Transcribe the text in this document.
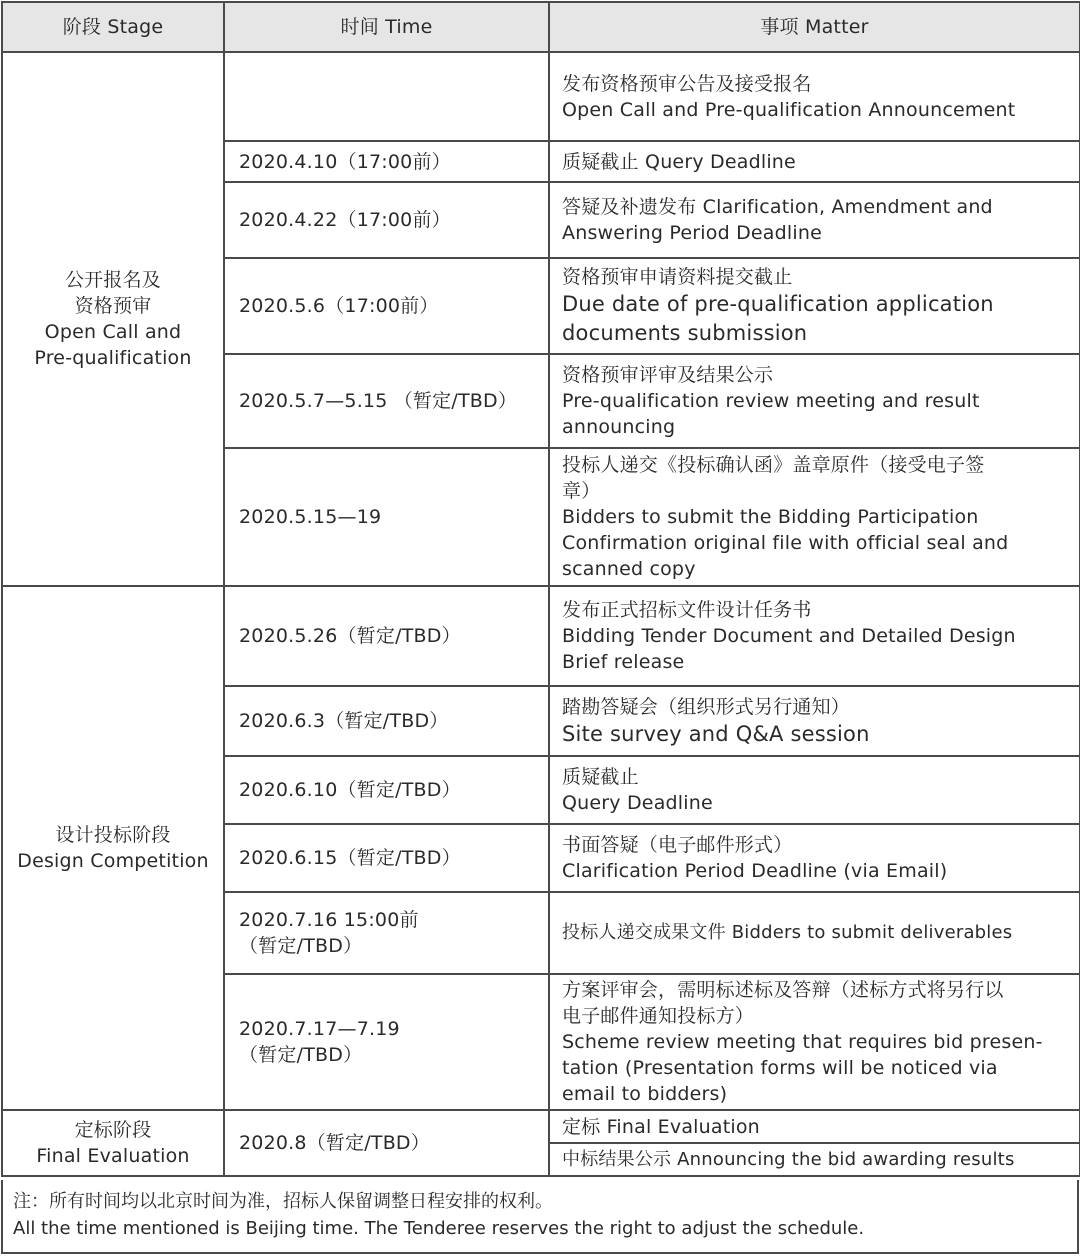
阶段 Stage	时间 Time	事项 Matter

公开报名及
资格预审
Open Call and
Pre-qualification		发布资格预审公告及接受报名
Open Call and Pre-qualification Announcement

	2020.4.10（17:00前）	质疑截止 Query Deadline
	2020.4.22（17:00前）	答疑及补遗发布 Clarification, Amendment and
Answering Period Deadline

	2020.5.6（17:00前）	资格预审申请资料提交截止
Due date of pre-qualification application
documents submission

	2020.5.7—5.15 （暂定/TBD）	资格预审评审及结果公示
Pre-qualification review meeting and result
announcing

	2020.5.15—19	投标人递交《投标确认函》盖章原件（接受电子签
章）
Bidders to submit the Bidding Participation
Confirmation original file with official seal and
scanned copy

设计投标阶段
Design Competition	2020.5.26（暂定/TBD）	发布正式招标文件设计任务书
Bidding Tender Document and Detailed Design
Brief release

	2020.6.3（暂定/TBD）	踏勘答疑会（组织形式另行通知）
Site survey and Q&A session

	2020.6.10（暂定/TBD）	质疑截止
Query Deadline

	2020.6.15（暂定/TBD）	书面答疑（电子邮件形式）
Clarification Period Deadline (via Email)

	2020.7.16 15:00前
（暂定/TBD）	投标人递交成果文件 Bidders to submit deliverables

	2020.7.17—7.19
（暂定/TBD）	方案评审会，需明标述标及答辩（述标方式将另行以
电子邮件通知投标方）
Scheme review meeting that requires bid presen-
tation (Presentation forms will be noticed via
email to bidders)

定标阶段
Final Evaluation	2020.8（暂定/TBD）	定标 Final Evaluation
		中标结果公示 Announcing the bid awarding results
注：所有时间均以北京时间为准，招标人保留调整日程安排的权利。
All the time mentioned is Beijing time. The Tenderee reserves the right to adjust the schedule.
